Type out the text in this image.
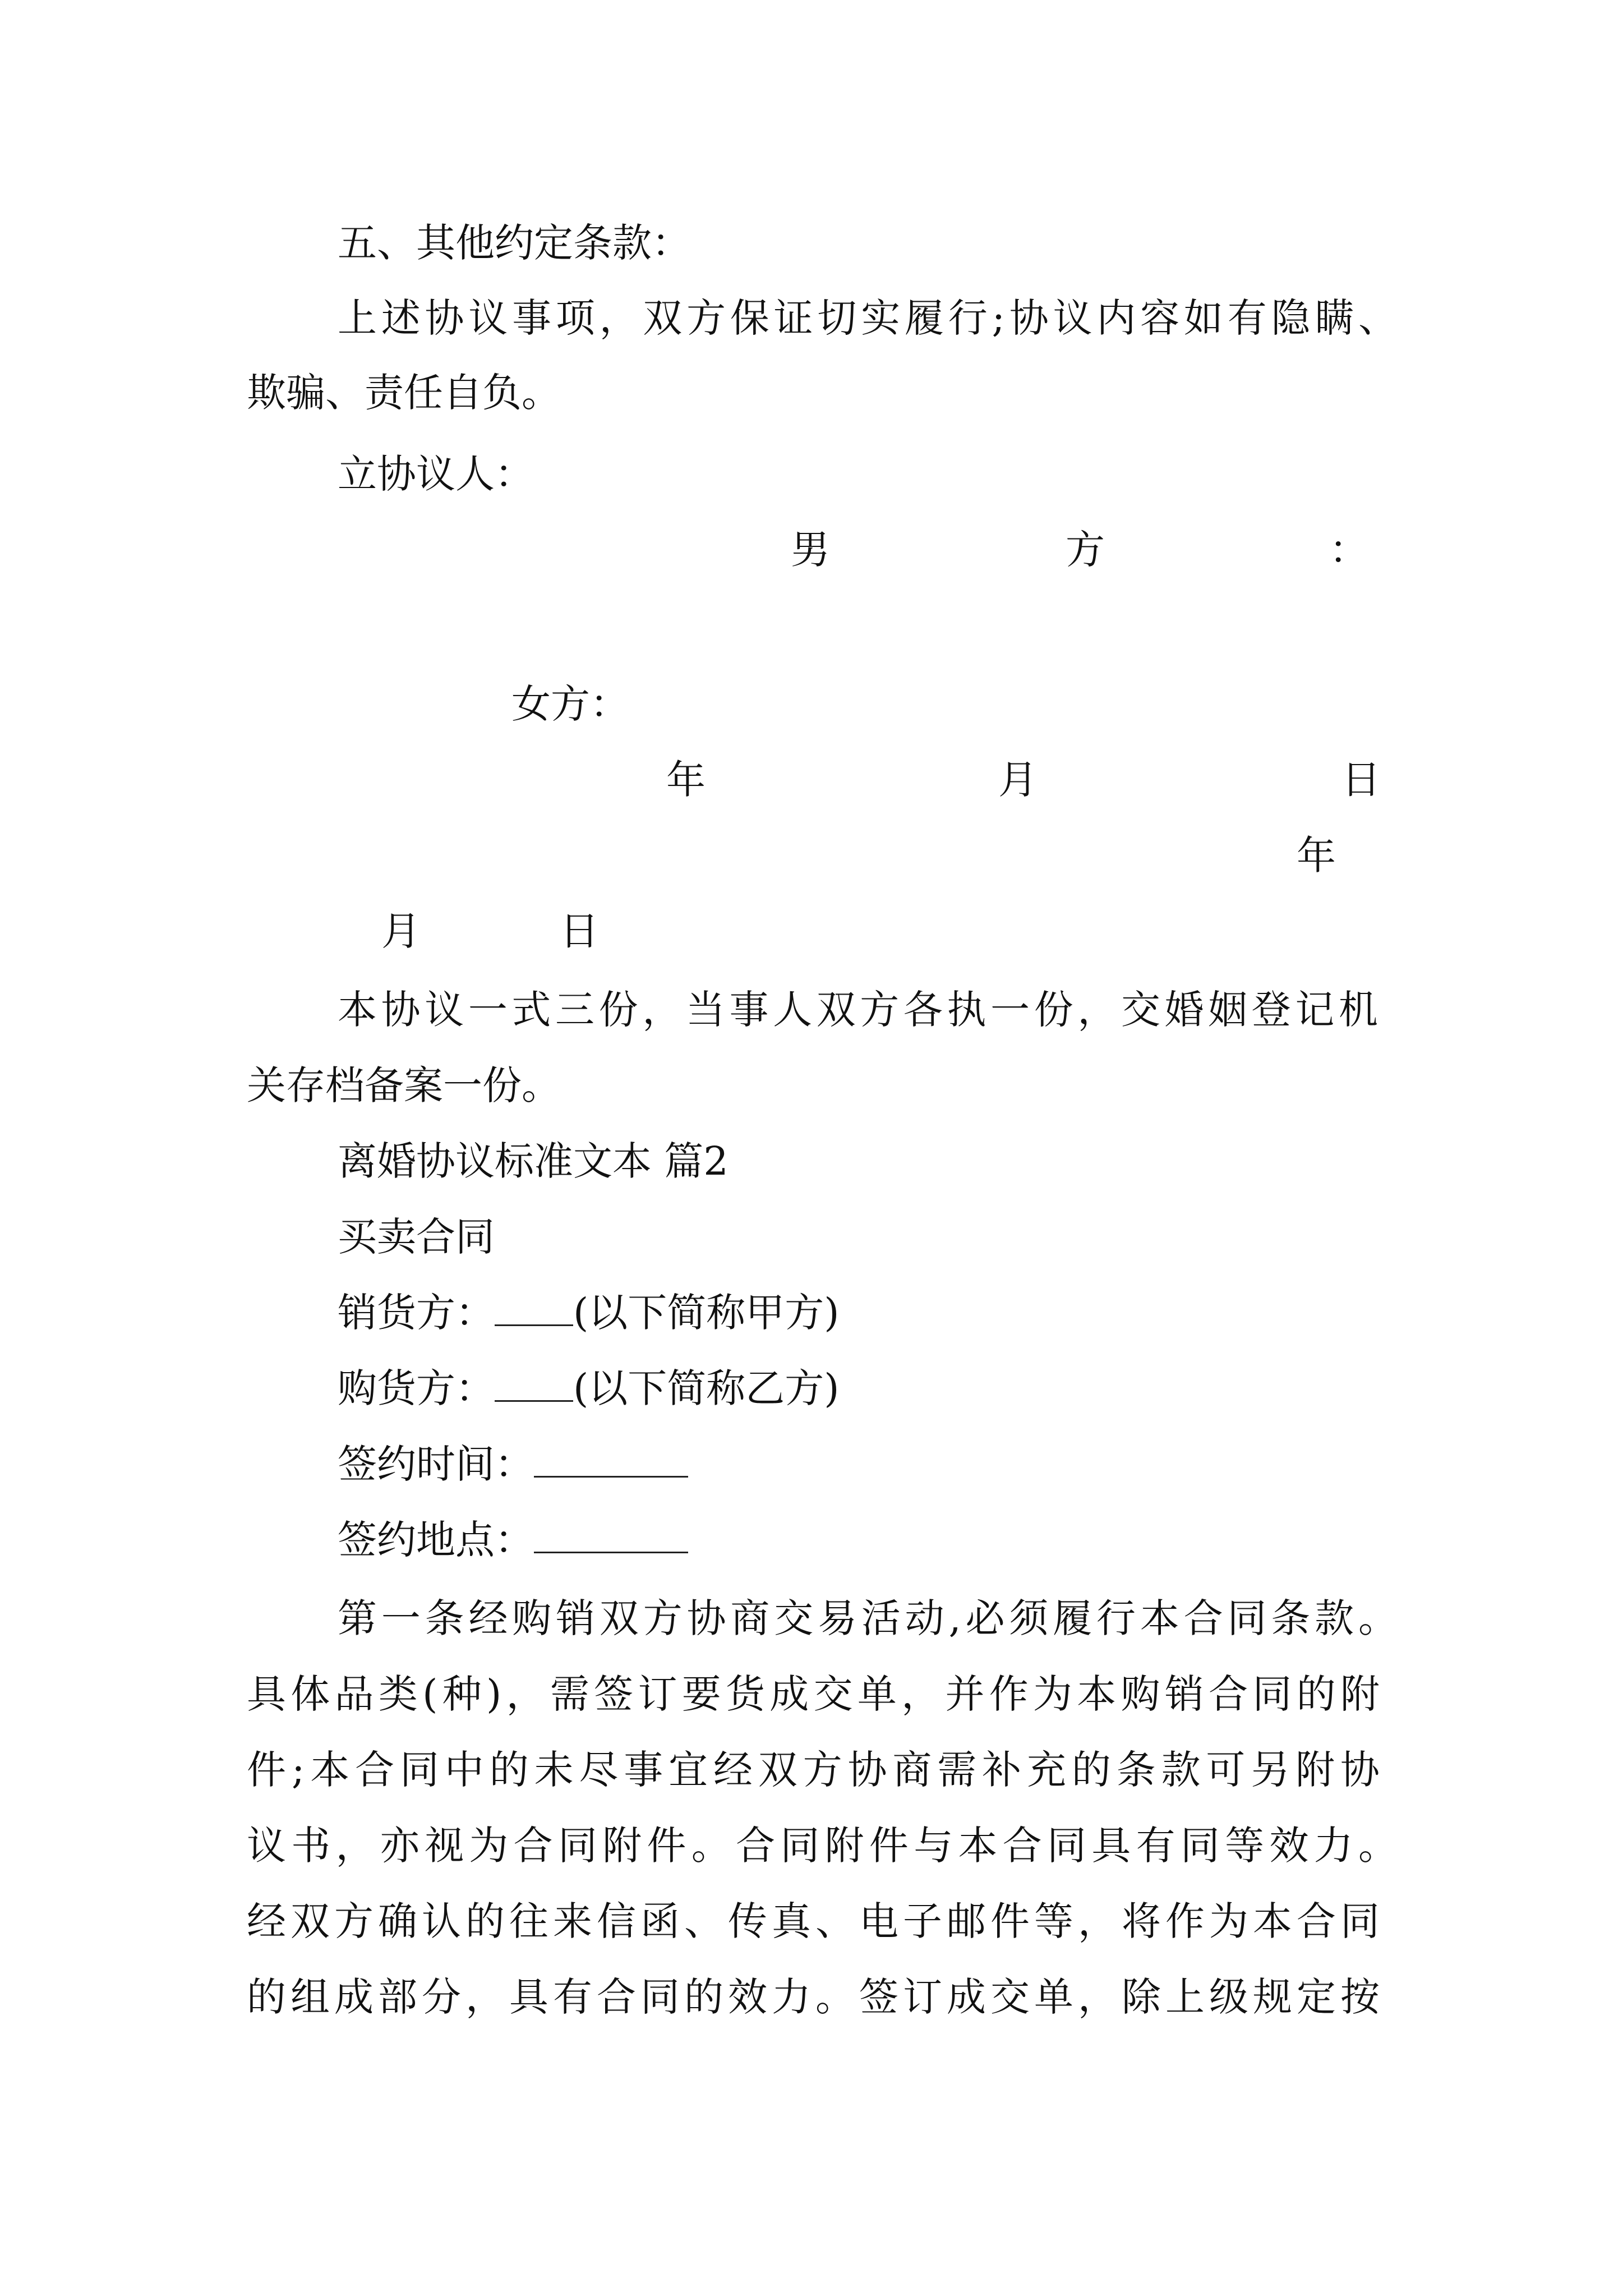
五、其他约定条款：

上述协议事项，双方保证切实履行;协议内容如有隐瞒、

欺骗、责任自负。

立协议人：

男	方	：

女方：

年	月	日
年
月	日

本协议一式三份，当事人双方各执一份，交婚姻登记机

关存档备案一份。

离婚协议标准文本 篇2

买卖合同

销货方： (以下简称甲方)

购货方： (以下简称乙方)

签约时间：

签约地点：

第一条经购销双方协商交易活动,必须履行本合同条款。

具体品类(种)，需签订要货成交单，并作为本购销合同的附

件;本合同中的未尽事宜经双方协商需补充的条款可另附协

议书，亦视为合同附件。合同附件与本合同具有同等效力。

经双方确认的往来信函、传真、电子邮件等，将作为本合同

的组成部分，具有合同的效力。签订成交单，除上级规定按
